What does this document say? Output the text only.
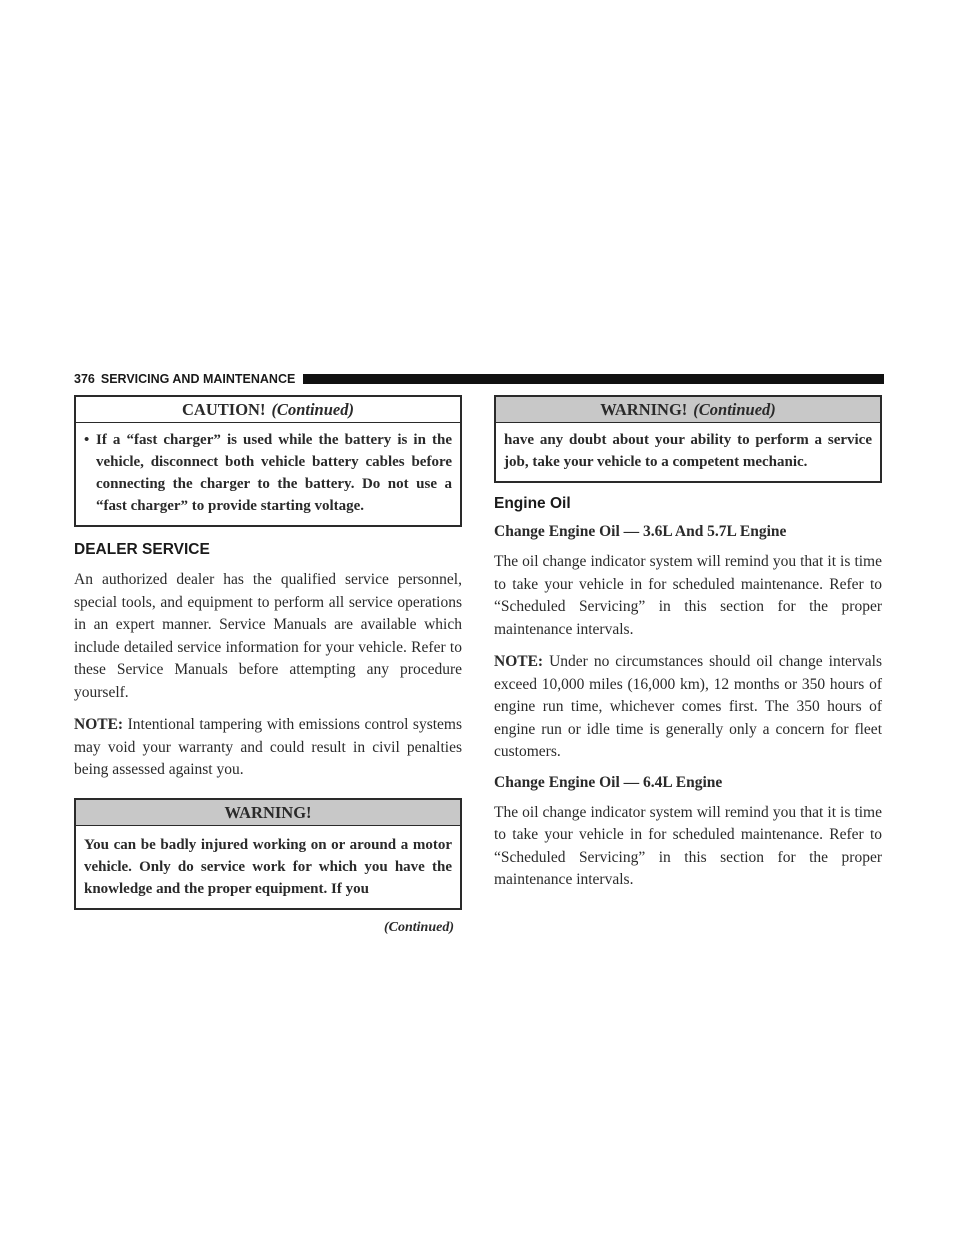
376 SERVICING AND MAINTENANCE
CAUTION! (Continued)
• If a “fast charger” is used while the battery is in the vehicle, disconnect both vehicle battery cables before connecting the charger to the battery. Do not use a “fast charger” to provide starting voltage.
DEALER SERVICE

An authorized dealer has the qualified service personnel, special tools, and equipment to perform all service operations in an expert manner. Service Manuals are available which include detailed service information for your vehicle. Refer to these Service Manuals before attempting any procedure yourself.

NOTE: Intentional tampering with emissions control systems may void your warranty and could result in civil penalties being assessed against you.

WARNING!
You can be badly injured working on or around a motor vehicle. Only do service work for which you have the knowledge and the proper equipment. If you
(Continued)
WARNING! (Continued)
have any doubt about your ability to perform a service job, take your vehicle to a competent mechanic.
Engine Oil
Change Engine Oil — 3.6L And 5.7L Engine

The oil change indicator system will remind you that it is time to take your vehicle in for scheduled maintenance. Refer to “Scheduled Servicing” in this section for the proper maintenance intervals.

NOTE: Under no circumstances should oil change intervals exceed 10,000 miles (16,000 km), 12 months or 350 hours of engine run time, whichever comes first. The 350 hours of engine run or idle time is generally only a concern for fleet customers.

Change Engine Oil — 6.4L Engine

The oil change indicator system will remind you that it is time to take your vehicle in for scheduled maintenance. Refer to “Scheduled Servicing” in this section for the proper maintenance intervals.
